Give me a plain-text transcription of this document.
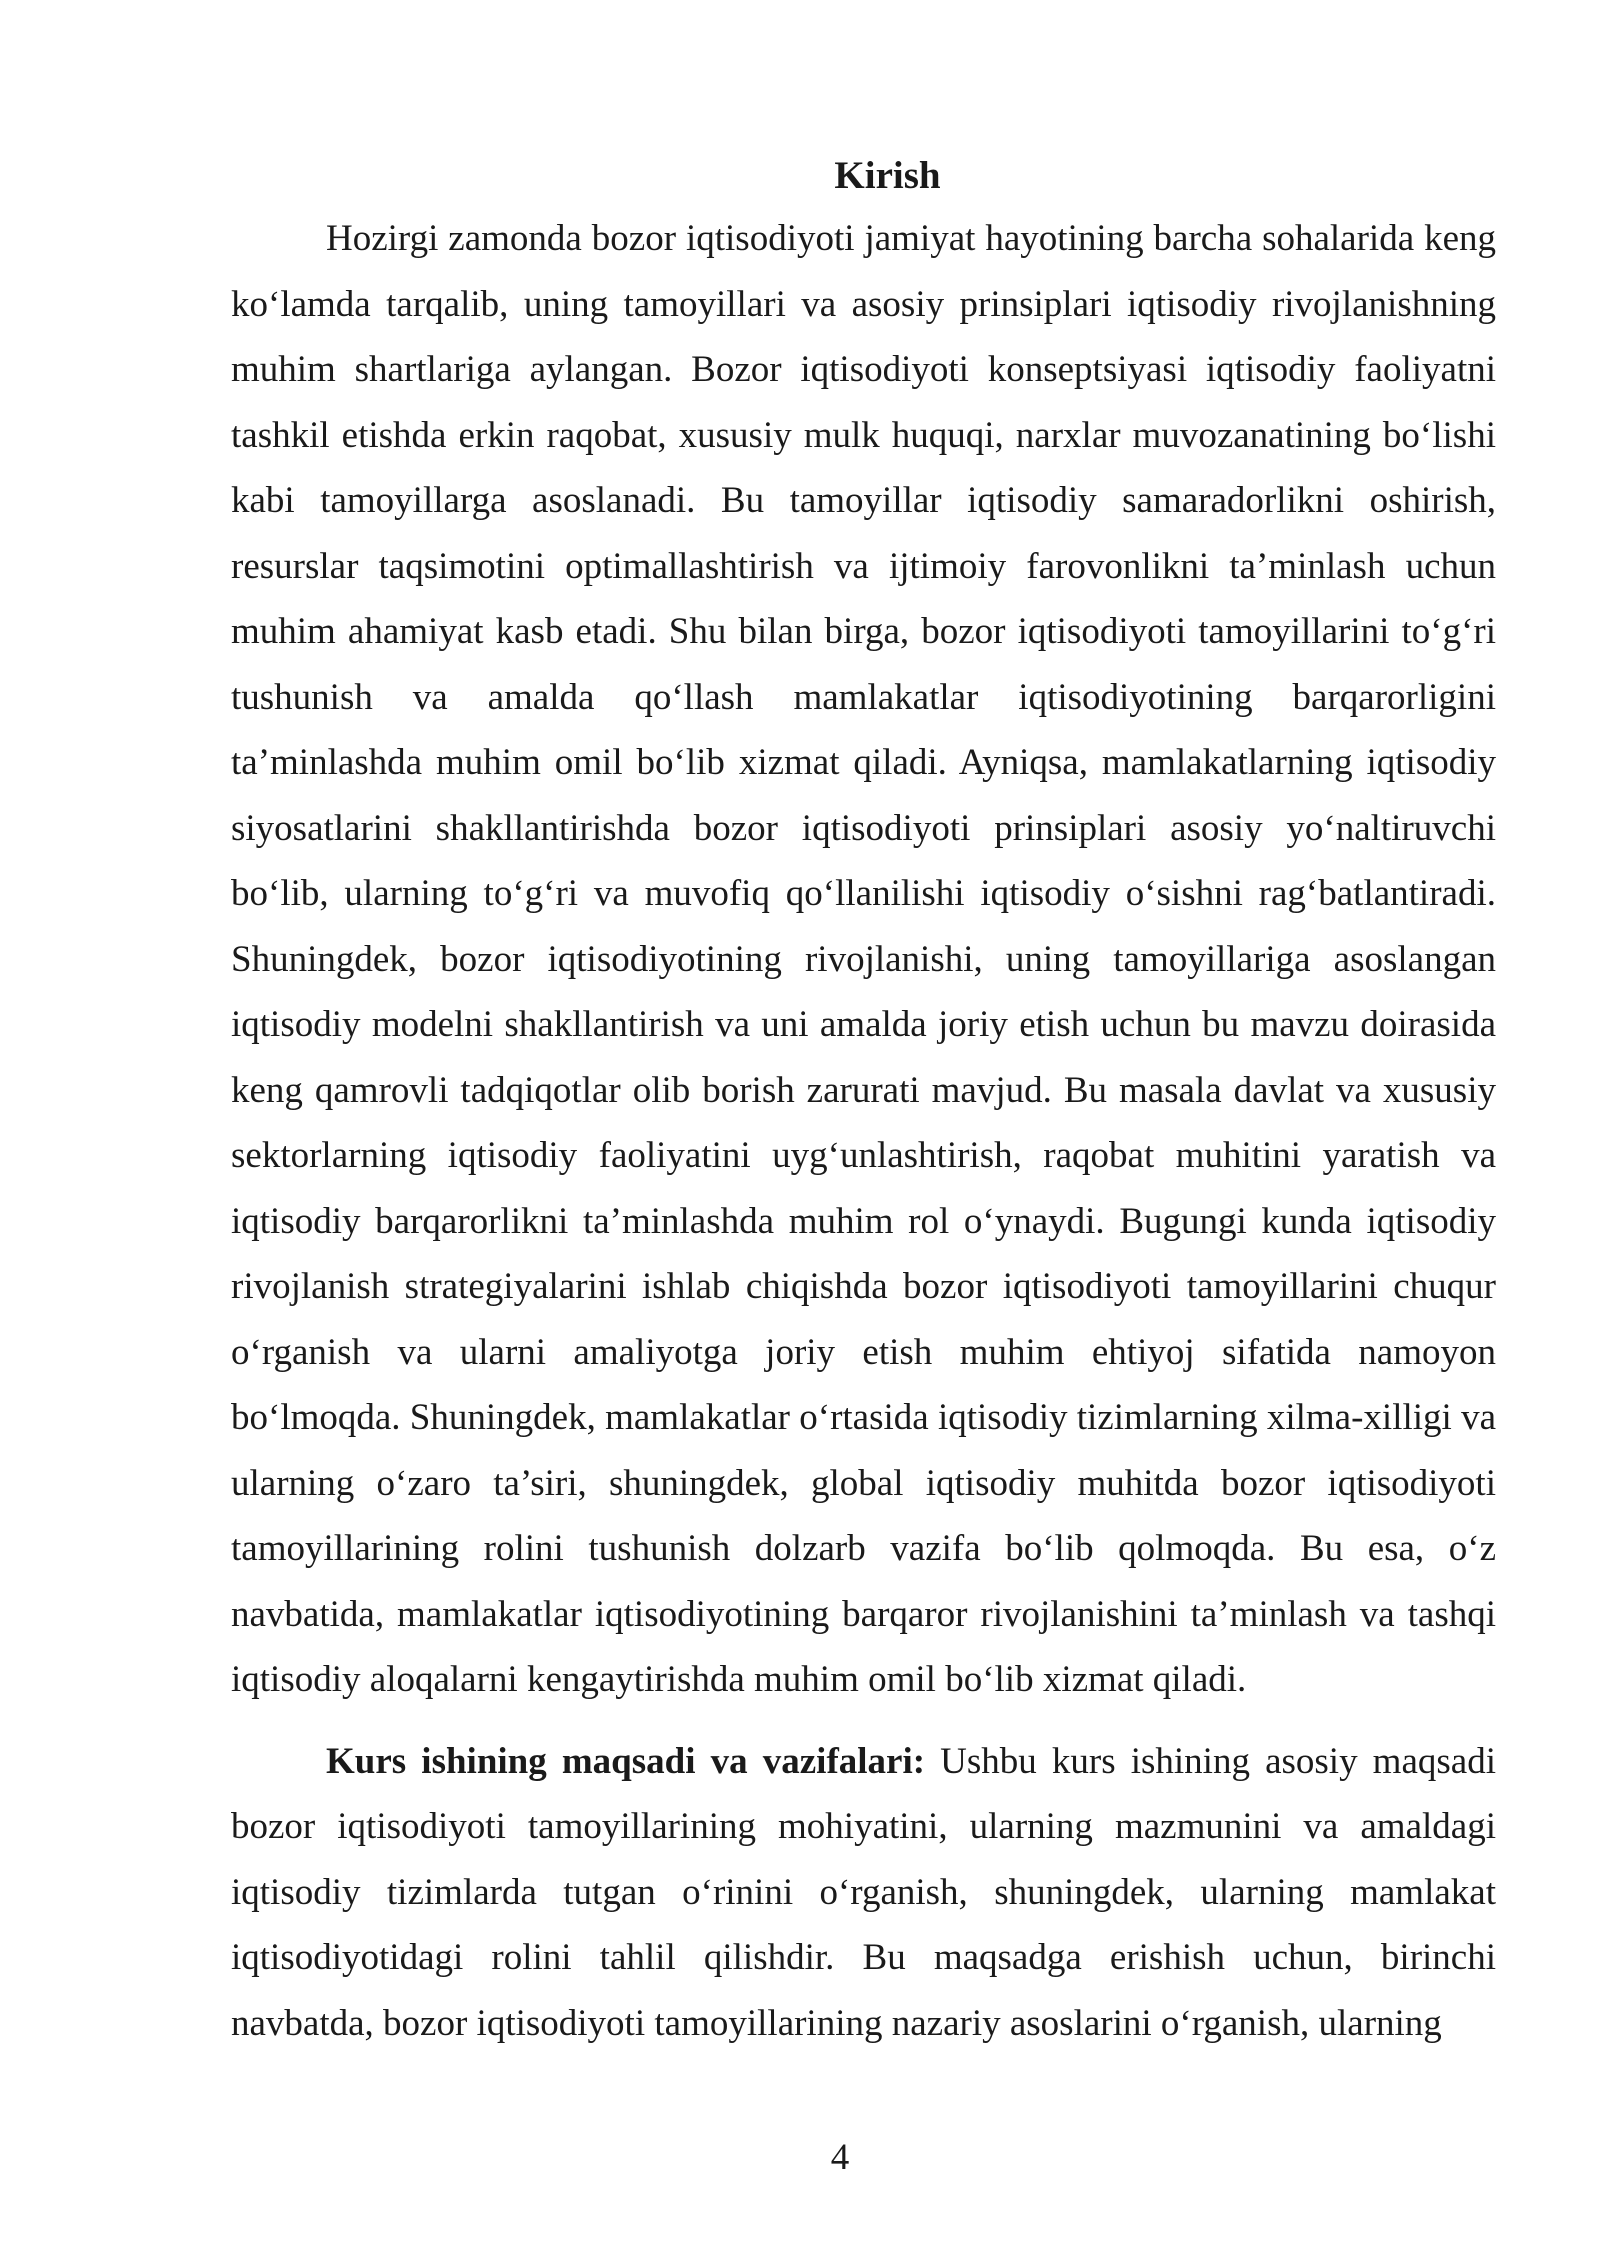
Kirish

Hozirgi zamonda bozor iqtisodiyoti jamiyat hayotining barcha sohalarida keng ko‘lamda tarqalib, uning tamoyillari va asosiy prinsiplari iqtisodiy rivojlanishning muhim shartlariga aylangan. Bozor iqtisodiyoti konseptsiyasi iqtisodiy faoliyatni tashkil etishda erkin raqobat, xususiy mulk huquqi, narxlar muvozanatining bo‘lishi kabi tamoyillarga asoslanadi. Bu tamoyillar iqtisodiy samaradorlikni oshirish, resurslar taqsimotini optimallashtirish va ijtimoiy farovonlikni ta’minlash uchun muhim ahamiyat kasb etadi. Shu bilan birga, bozor iqtisodiyoti tamoyillarini to‘g‘ri tushunish va amalda qo‘llash mamlakatlar iqtisodiyotining barqarorligini ta’minlashda muhim omil bo‘lib xizmat qiladi. Ayniqsa, mamlakatlarning iqtisodiy siyosatlarini shakllantirishda bozor iqtisodiyoti prinsiplari asosiy yo‘naltiruvchi bo‘lib, ularning to‘g‘ri va muvofiq qo‘llanilishi iqtisodiy o‘sishni rag‘batlantiradi. Shuningdek, bozor iqtisodiyotining rivojlanishi, uning tamoyillariga asoslangan iqtisodiy modelni shakllantirish va uni amalda joriy etish uchun bu mavzu doirasida keng qamrovli tadqiqotlar olib borish zarurati mavjud. Bu masala davlat va xususiy sektorlarning iqtisodiy faoliyatini uyg‘unlashtirish, raqobat muhitini yaratish va iqtisodiy barqarorlikni ta’minlashda muhim rol o‘ynaydi. Bugungi kunda iqtisodiy rivojlanish strategiyalarini ishlab chiqishda bozor iqtisodiyoti tamoyillarini chuqur o‘rganish va ularni amaliyotga joriy etish muhim ehtiyoj sifatida namoyon bo‘lmoqda. Shuningdek, mamlakatlar o‘rtasida iqtisodiy tizimlarning xilma-xilligi va ularning o‘zaro ta’siri, shuningdek, global iqtisodiy muhitda bozor iqtisodiyoti tamoyillarining rolini tushunish dolzarb vazifa bo‘lib qolmoqda. Bu esa, o‘z navbatida, mamlakatlar iqtisodiyotining barqaror rivojlanishini ta’minlash va tashqi iqtisodiy aloqalarni kengaytirishda muhim omil bo‘lib xizmat qiladi.

Kurs ishining maqsadi va vazifalari: Ushbu kurs ishining asosiy maqsadi bozor iqtisodiyoti tamoyillarining mohiyatini, ularning mazmunini va amaldagi iqtisodiy tizimlarda tutgan o‘rinini o‘rganish, shuningdek, ularning mamlakat iqtisodiyotidagi rolini tahlil qilishdir. Bu maqsadga erishish uchun, birinchi navbatda, bozor iqtisodiyoti tamoyillarining nazariy asoslarini o‘rganish, ularning

4
